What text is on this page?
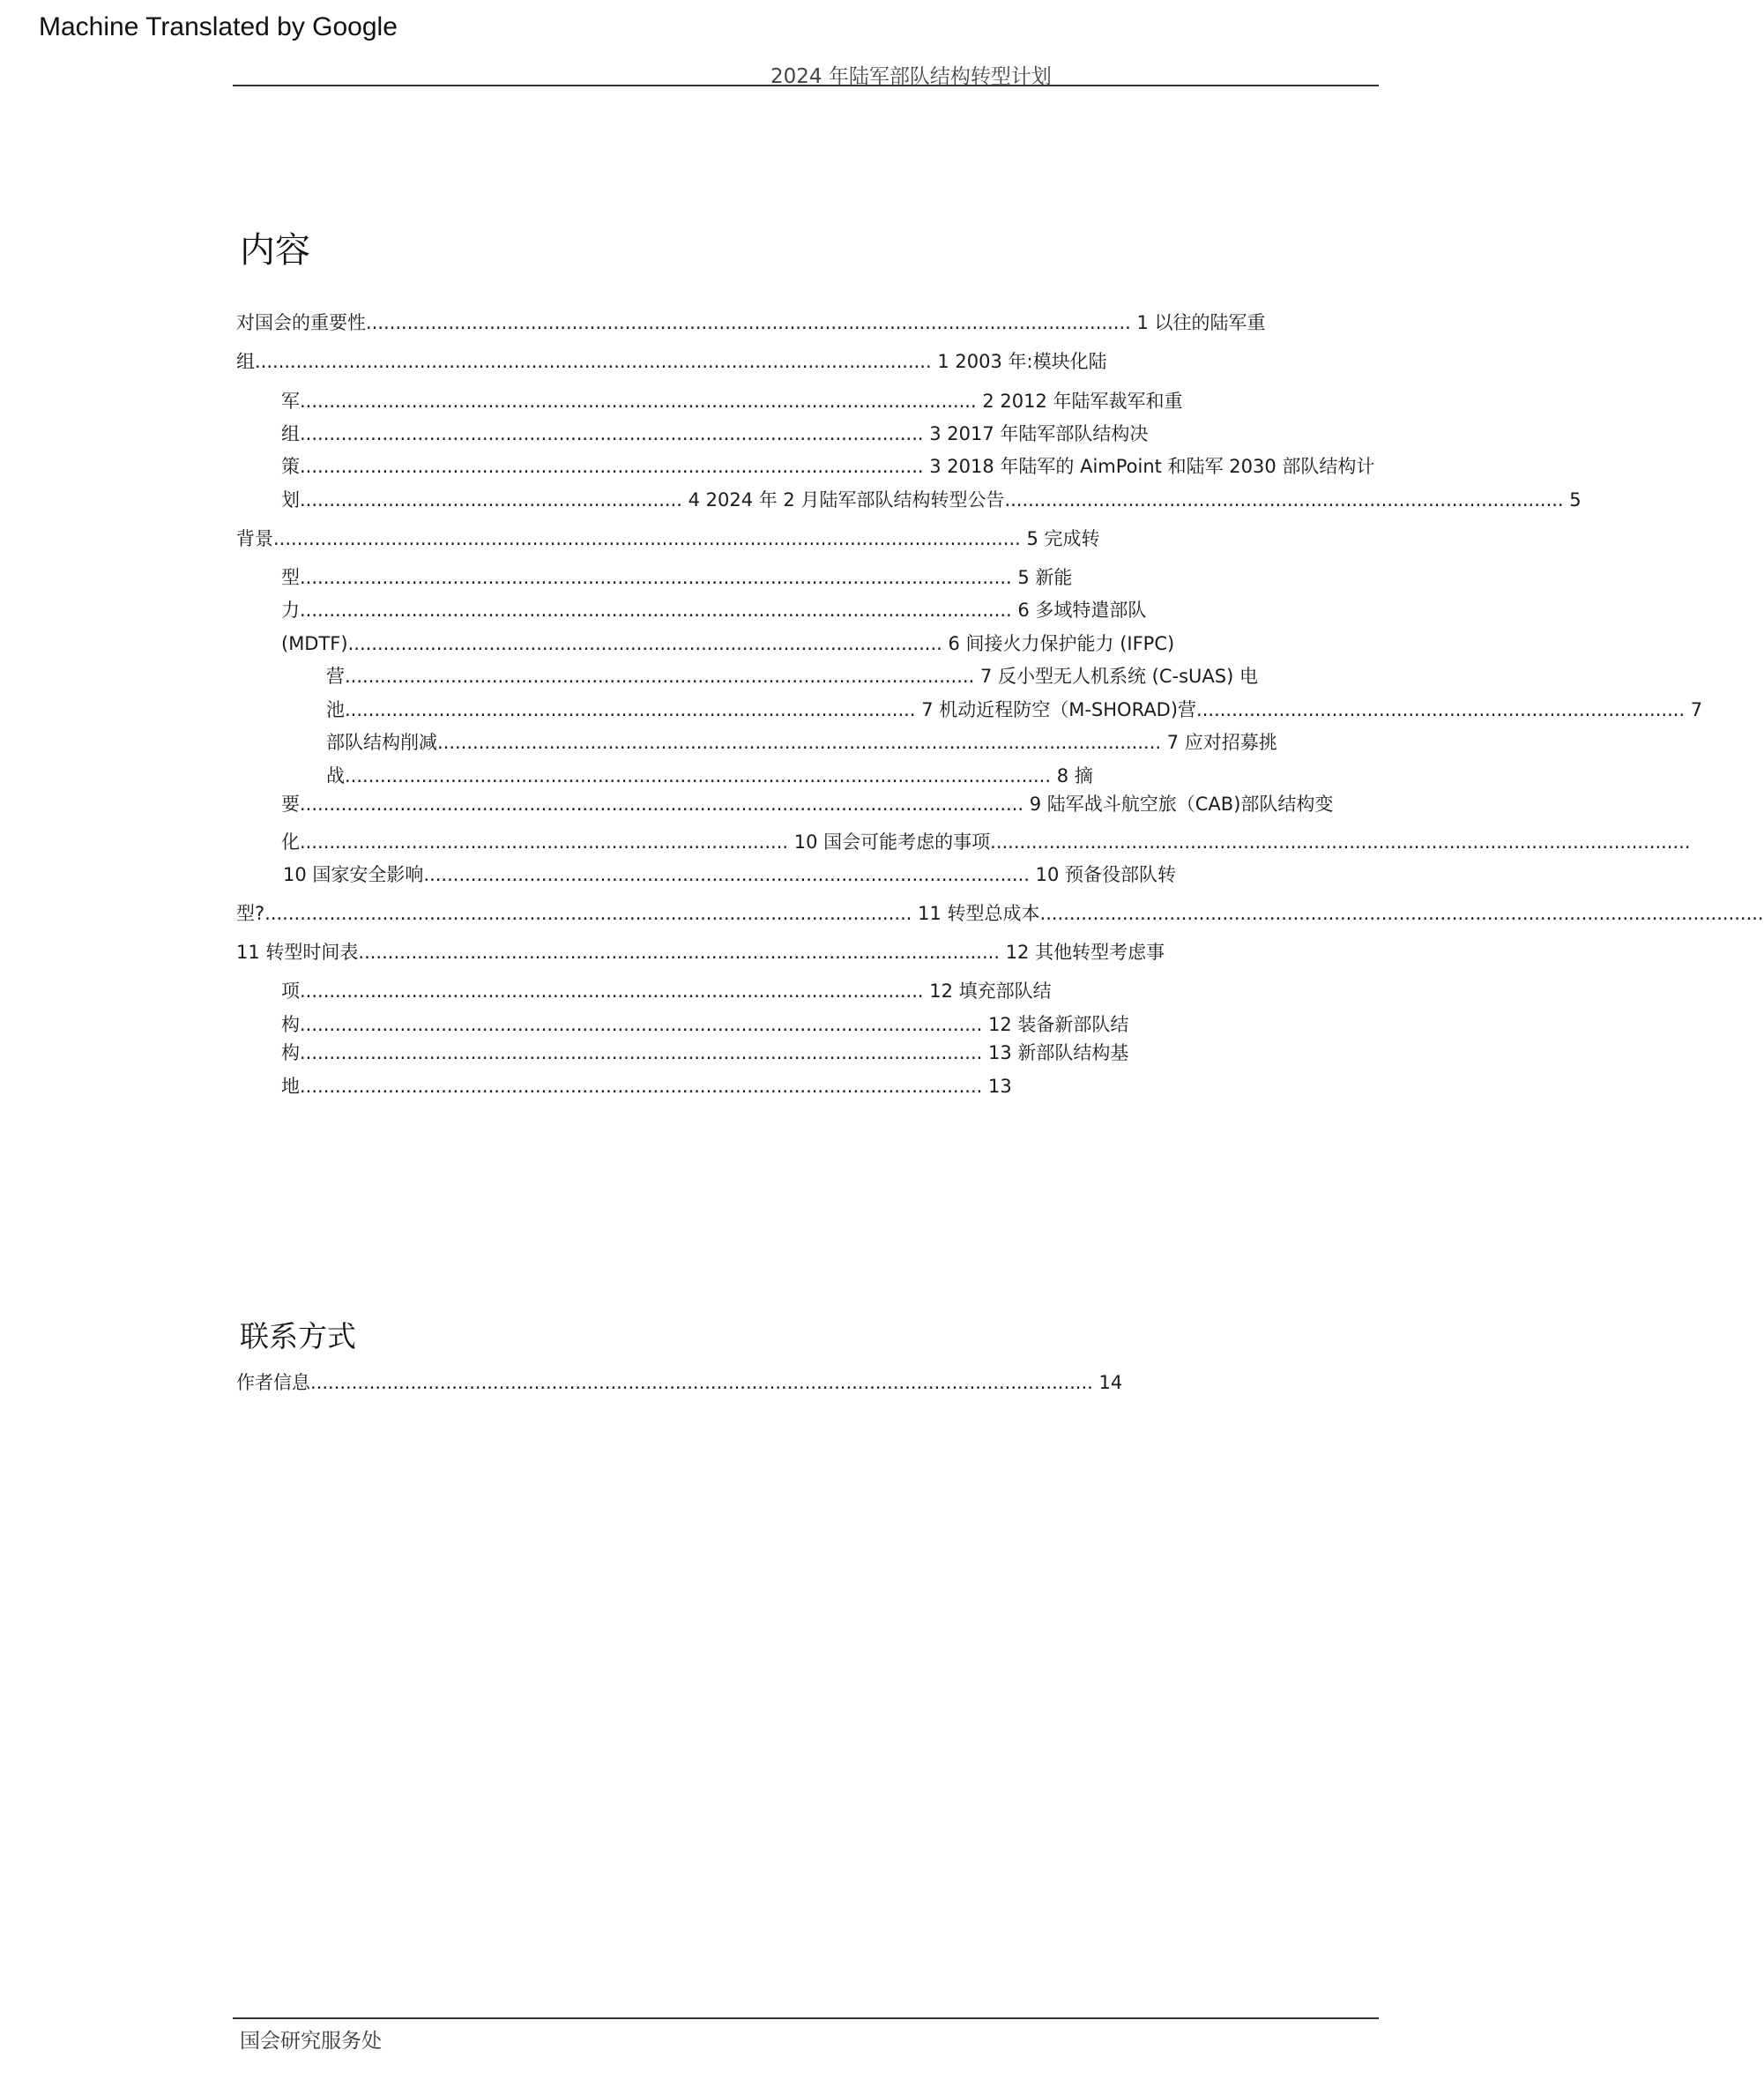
Machine Translated by Google
2024 年陆军部队结构转型计划
内容
对国会的重要性.................................................................................................................................. 1 以往的陆军重
组................................................................................................................... 1 2003 年:模块化陆
军................................................................................................................... 2 2012 年陆军裁军和重
组.......................................................................................................... 3 2017 年陆军部队结构决
策.......................................................................................................... 3 2018 年陆军的 AimPoint 和陆军 2030 部队结构计
划................................................................. 4 2024 年 2 月陆军部队结构转型公告............................................................................................... 5
背景............................................................................................................................... 5 完成转
型......................................................................................................................... 5 新能
力......................................................................................................................... 6 多域特遣部队
(MDTF)..................................................................................................... 6 间接火力保护能力 (IFPC)
营........................................................................................................... 7 反小型无人机系统 (C-sUAS) 电
池................................................................................................. 7 机动近程防空（M-SHORAD)营................................................................................... 7
部队结构削减........................................................................................................................... 7 应对招募挑
战........................................................................................................................ 8 摘
要........................................................................................................................... 9 陆军战斗航空旅（CAB)部队结构变
化................................................................................... 10 国会可能考虑的事项.......................................................................................................................
10 国家安全影响....................................................................................................... 10 预备役部队转
型?.............................................................................................................. 11 转型总成本...........................................................................................................................
11 转型时间表............................................................................................................. 12 其他转型考虑事
项.......................................................................................................... 12 填充部队结
构.................................................................................................................... 12 装备新部队结
构.................................................................................................................... 13 新部队结构基
地.................................................................................................................... 13
联系方式
作者信息..................................................................................................................................... 14
国会研究服务处
